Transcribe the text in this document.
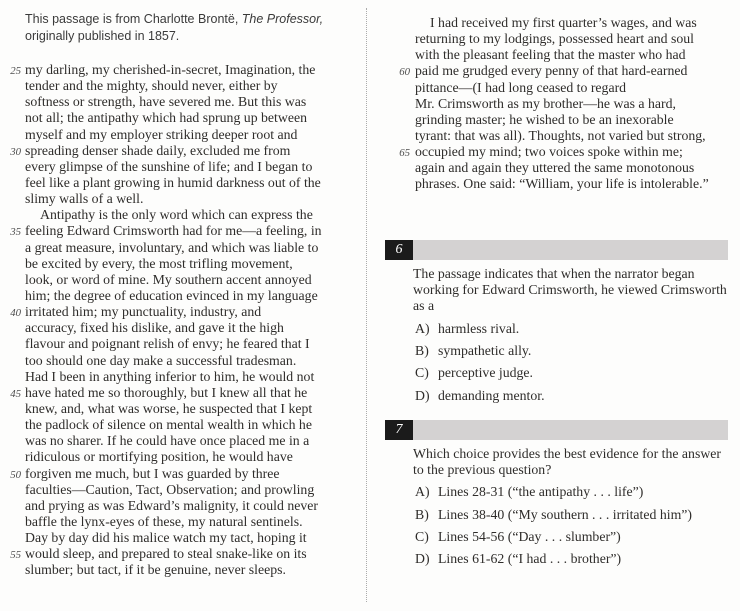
This passage is from Charlotte Brontë, The Professor,
originally published in 1857.
25 my darling, my cherished-in-secret, Imagination, the
tender and the mighty, should never, either by
softness or strength, have severed me. But this was
not all; the antipathy which had sprung up between
myself and my employer striking deeper root and
30 spreading denser shade daily, excluded me from
every glimpse of the sunshine of life; and I began to
feel like a plant growing in humid darkness out of the
slimy walls of a well.
Antipathy is the only word which can express the
35 feeling Edward Crimsworth had for me—a feeling, in
a great measure, involuntary, and which was liable to
be excited by every, the most trifling movement,
look, or word of mine. My southern accent annoyed
him; the degree of education evinced in my language
40 irritated him; my punctuality, industry, and
accuracy, fixed his dislike, and gave it the high
flavour and poignant relish of envy; he feared that I
too should one day make a successful tradesman.
Had I been in anything inferior to him, he would not
45 have hated me so thoroughly, but I knew all that he
knew, and, what was worse, he suspected that I kept
the padlock of silence on mental wealth in which he
was no sharer. If he could have once placed me in a
ridiculous or mortifying position, he would have
50 forgiven me much, but I was guarded by three
faculties—Caution, Tact, Observation; and prowling
and prying as was Edward’s malignity, it could never
baffle the lynx-eyes of these, my natural sentinels.
Day by day did his malice watch my tact, hoping it
55 would sleep, and prepared to steal snake-like on its
slumber; but tact, if it be genuine, never sleeps.
I had received my first quarter’s wages, and was
returning to my lodgings, possessed heart and soul
with the pleasant feeling that the master who had
60 paid me grudged every penny of that hard-earned
pittance—(I had long ceased to regard
Mr. Crimsworth as my brother—he was a hard,
grinding master; he wished to be an inexorable
tyrant: that was all). Thoughts, not varied but strong,
65 occupied my mind; two voices spoke within me;
again and again they uttered the same monotonous
phrases. One said: “William, your life is intolerable.”
6
The passage indicates that when the narrator began working for Edward Crimsworth, he viewed Crimsworth as a
A) harmless rival.
B) sympathetic ally.
C) perceptive judge.
D) demanding mentor.
7
Which choice provides the best evidence for the answer to the previous question?
A) Lines 28-31 (“the antipathy . . . life”)
B) Lines 38-40 (“My southern . . . irritated him”)
C) Lines 54-56 (“Day . . . slumber”)
D) Lines 61-62 (“I had . . . brother”)
